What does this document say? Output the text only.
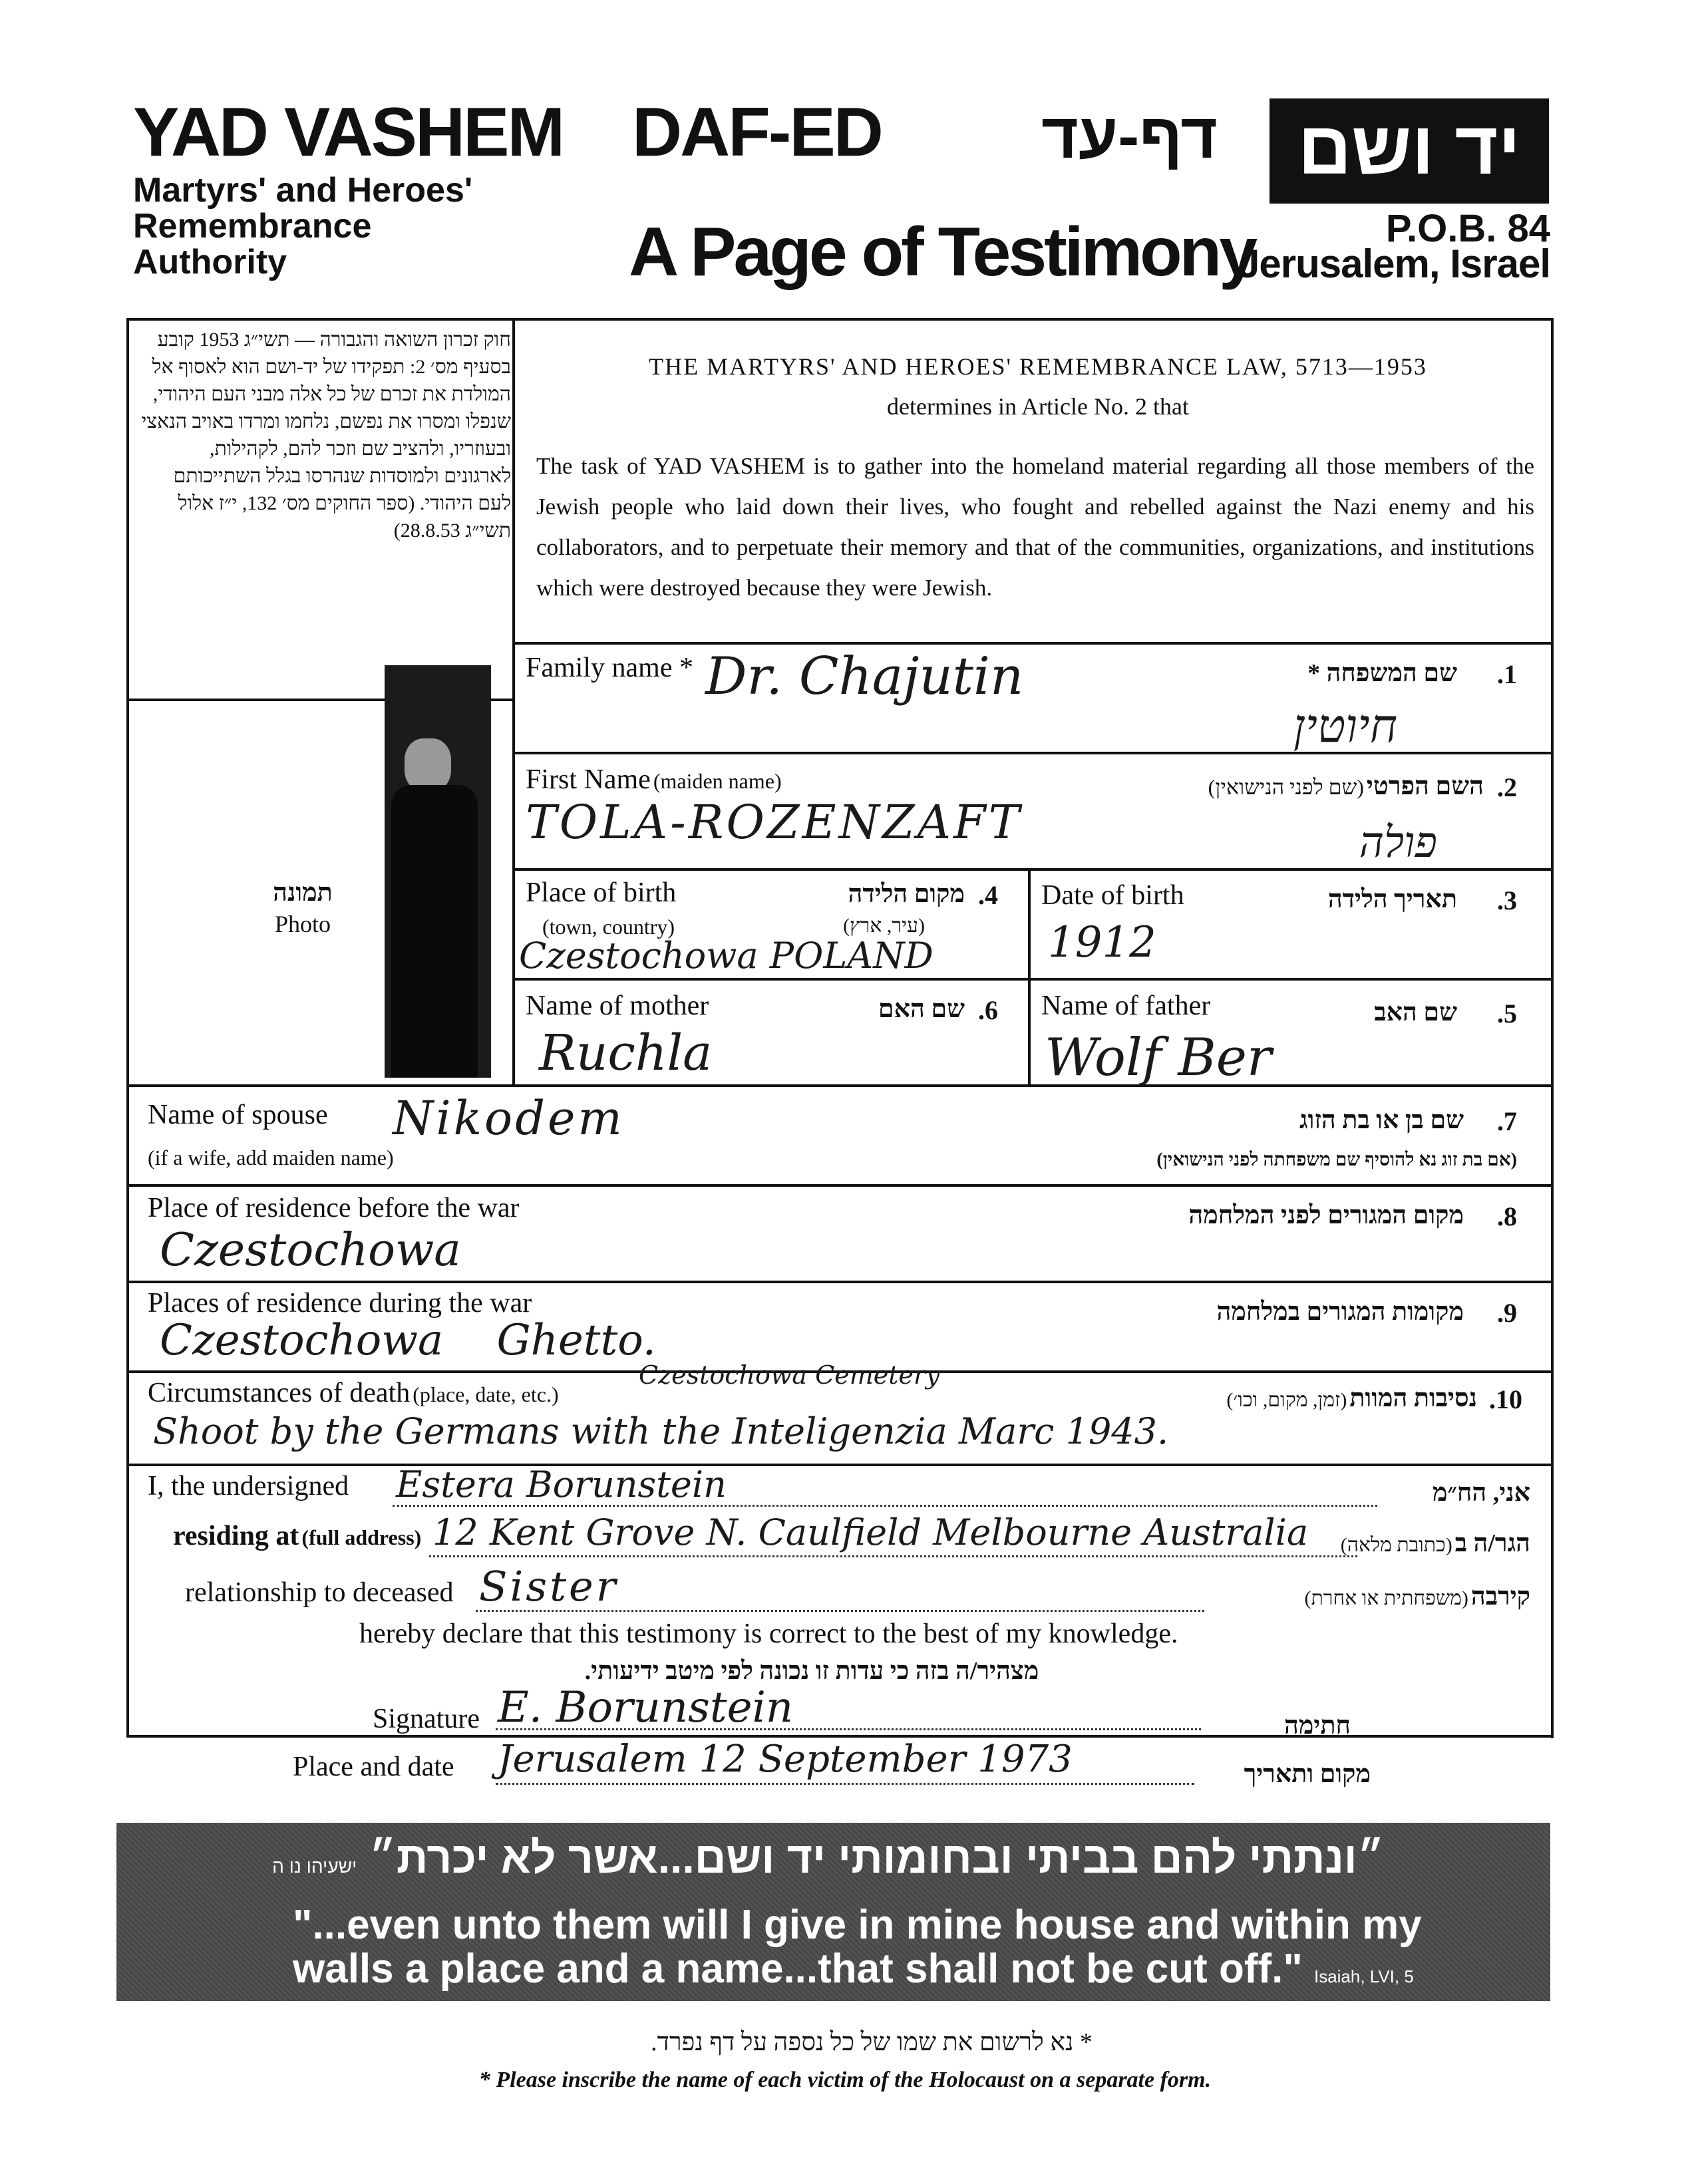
YAD VASHEM
Martyrs' and Heroes'
Remembrance
Authority
DAF-ED	דף-עד
A Page of Testimony
יד ושם
P.O.B. 84
Jerusalem, Israel
חוק זכרון השואה והגבורה — תשי״ג 1953 קובע בסעיף מס׳ 2: תפקידו של יד-ושם הוא לאסוף אל המולדת את זכרם של כל אלה מבני העם היהודי, שנפלו ומסרו את נפשם, נלחמו ומרדו באויב הנאצי ובעוזריו, ולהציב שם וזכר להם, לקהילות, לארגונים ולמוסדות שנהרסו בגלל השתייכותם לעם היהודי. (ספר החוקים מס׳ 132, י״ז אלול תשי״ג 28.8.53)
THE MARTYRS' AND HEROES' REMEMBRANCE LAW, 5713—1953
determines in Article No. 2 that
The task of YAD VASHEM is to gather into the homeland material regarding all those members of the Jewish people who laid down their lives, who fought and rebelled against the Nazi enemy and his collaborators, and to perpetuate their memory and that of the communities, organizations, and institutions which were destroyed because they were Jewish.
תמונה
Photo
Family name * Dr. Chajutin	שם המשפחה * .1
חיוטין
First Name (maiden name)
TOLA-ROZENZAFT
השם הפרטי (שם לפני הנישואין)	.2
פולה
Place of birth
(town, country)
מקום הלידה
(עיר, ארץ)
.4
Czestochowa POLAND
Date of birth	תאריך הלידה .3
1912
Name of mother	שם האם .6
Ruchla
Name of father	שם האב .5
Wolf Ber
Name of spouse Nikodem
(if a wife, add maiden name)
שם בן או בת הזוג .7
(אם בת זוג נא להוסיף שם משפחתה לפני הנישואין)
Place of residence before the war
Czestochowa
מקום המגורים לפני המלחמה .8
Places of residence during the war
Czestochowa Ghetto.
מקומות המגורים במלחמה .9
Circumstances of death (place, date, etc.)
Czestochowa Cemetery
Shoot by the Germans with the Inteligenzia Marc 1943.
נסיבות המוות (זמן, מקום, וכו׳)	.10
I, the undersigned Estera Borunstein	אני, הח״מ
residing at (full address) 12 Kent Grove N. Caulfield Melbourne Australia	הגר/ה ב (כתובת מלאה)
relationship to deceased Sister	קירבה (משפחתית או אחרת)
hereby declare that this testimony is correct to the best of my knowledge.
מצהיר/ה בזה כי עדות זו נכונה לפי מיטב ידיעותי.
Signature E. Borunstein	חתימה
Place and date Jerusalem 12 September 1973	מקום ותאריך
״ונתתי להם בביתי ובחומותי יד ושם...אשר לא יכרת״ ישעיהו נו ה
"...even unto them will I give in mine house and within my
walls a place and a name...that shall not be cut off." Isaiah, LVI, 5
* נא לרשום את שמו של כל נספה על דף נפרד.
* Please inscribe the name of each victim of the Holocaust on a separate form.
